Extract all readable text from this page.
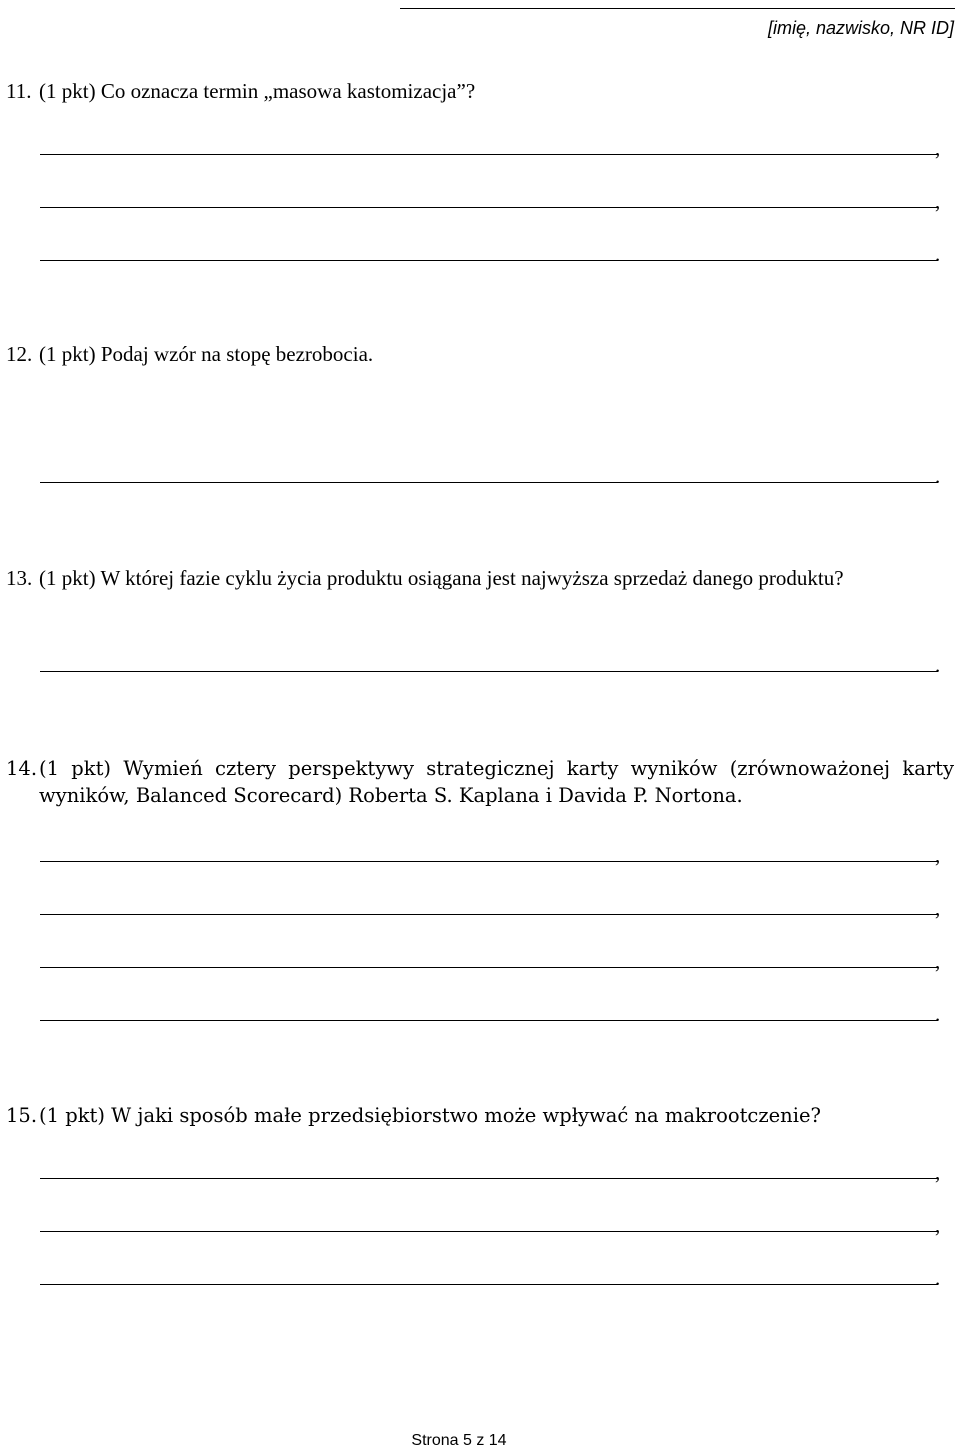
[imię, nazwisko, NR ID]
11. (1 pkt) Co oznacza termin „masowa kastomizacja”?
,
,
.
12. (1 pkt) Podaj wzór na stopę bezrobocia.
.
13. (1 pkt) W której fazie cyklu życia produktu osiągana jest najwyższa sprzedaż danego produktu?
.
14. (1 pkt) Wymień cztery perspektywy strategicznej karty wyników (zrównoważonej karty wyników, Balanced Scorecard) Roberta S. Kaplana i Davida P. Nortona.
,
,
,
.
15. (1 pkt) W jaki sposób małe przedsiębiorstwo może wpływać na makrootczenie?
,
,
.
Strona 5 z 14
